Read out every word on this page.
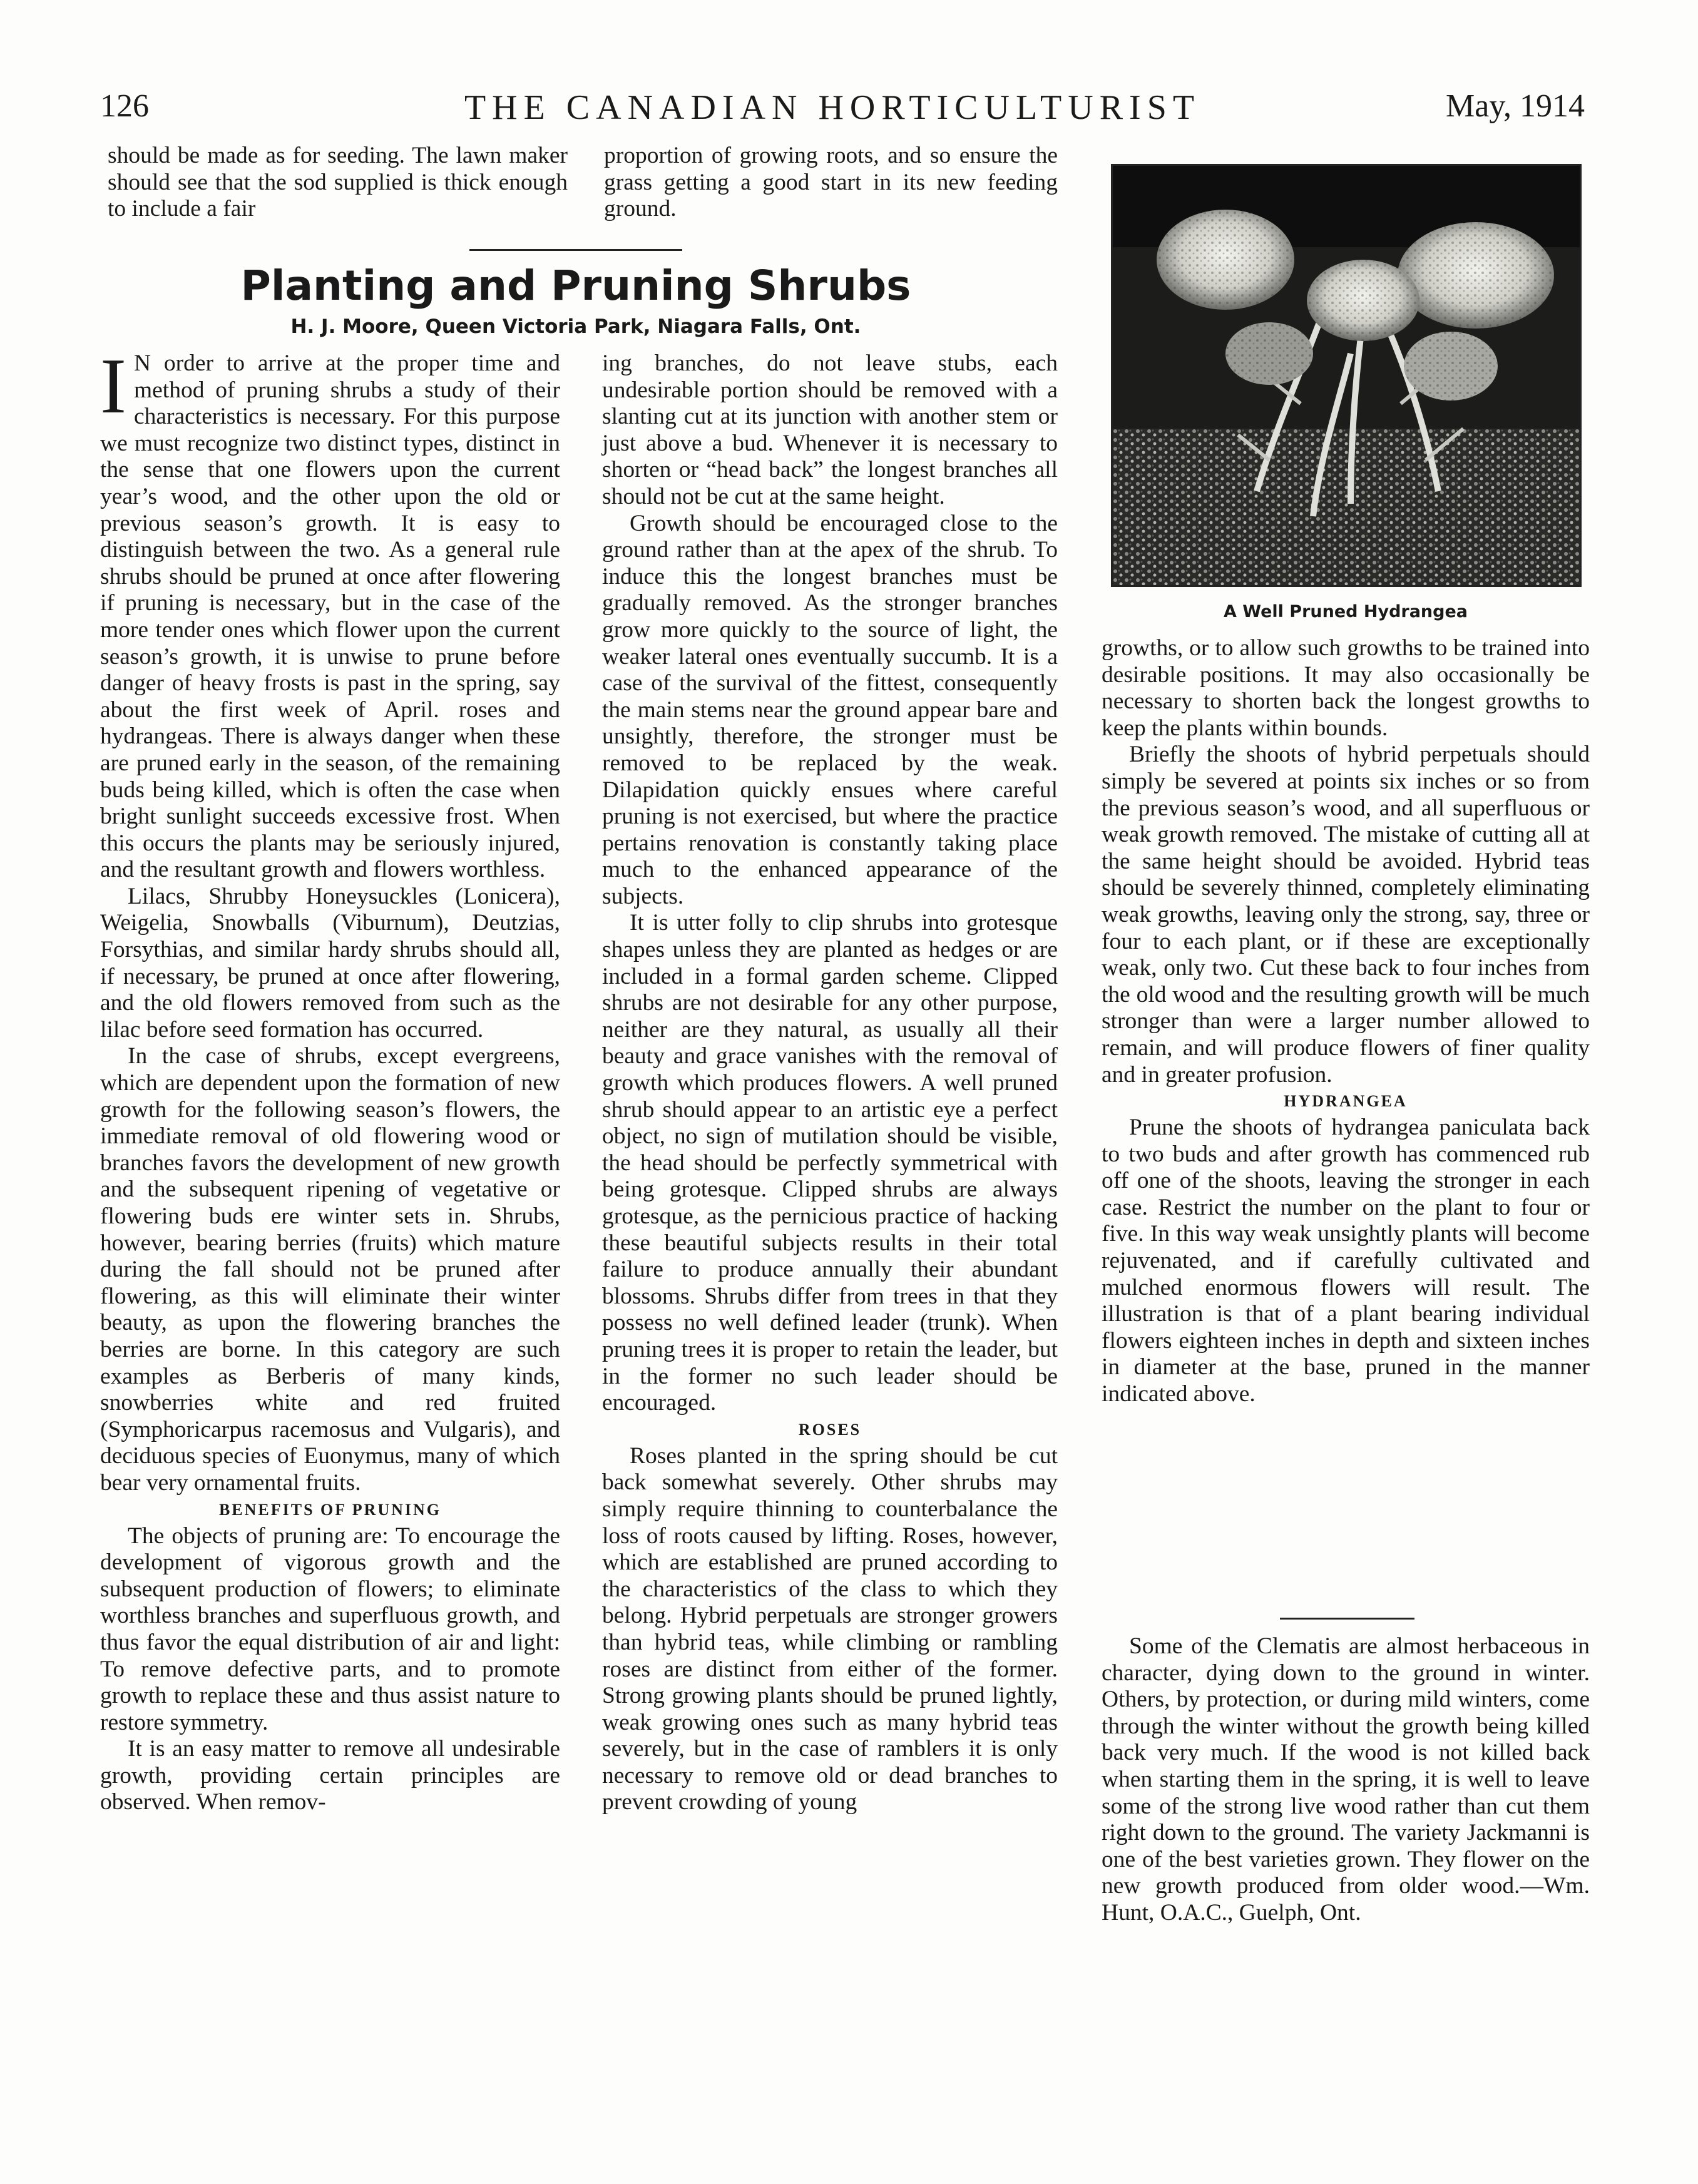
126	THE CANADIAN HORTICULTURIST	May, 1914

should be made as for seeding. The lawn maker should see that the sod supplied is thick enough to include a fair

proportion of growing roots, and so ensure the grass getting a good start in its new feeding ground.

Planting and Pruning Shrubs
H. J. Moore, Queen Victoria Park, Niagara Falls, Ont.

I N order to arrive at the proper time and method of pruning shrubs a study of their characteristics is necessary. For this purpose we must recognize two distinct types, distinct in the sense that one flowers upon the current year’s wood, and the other upon the old or previous season’s growth. It is easy to distinguish between the two. As a general rule shrubs should be pruned at once after flowering if pruning is necessary, but in the case of the more tender ones which flower upon the current season’s growth, it is unwise to prune before danger of heavy frosts is past in the spring, say about the first week of April. roses and hydrangeas. There is always danger when these are pruned early in the season, of the remaining buds being killed, which is often the case when bright sunlight succeeds excessive frost. When this occurs the plants may be seriously injured, and the resultant growth and flowers worthless.

Lilacs, Shrubby Honeysuckles (Lonicera), Weigelia, Snowballs (Viburnum), Deutzias, Forsythias, and similar hardy shrubs should all, if necessary, be pruned at once after flowering, and the old flowers removed from such as the lilac before seed formation has occurred.

In the case of shrubs, except evergreens, which are dependent upon the formation of new growth for the following season’s flowers, the immediate removal of old flowering wood or branches favors the development of new growth and the subsequent ripening of vegetative or flowering buds ere winter sets in. Shrubs, however, bearing berries (fruits) which mature during the fall should not be pruned after flowering, as this will eliminate their winter beauty, as upon the flowering branches the berries are borne. In this category are such examples as Berberis of many kinds, snowberries white and red fruited (Symphoricarpus racemosus and Vulgaris), and deciduous species of Euonymus, many of which bear very ornamental fruits.

BENEFITS OF PRUNING

The objects of pruning are: To encourage the development of vigorous growth and the subsequent production of flowers; to eliminate worthless branches and superfluous growth, and thus favor the equal distribution of air and light: To remove defective parts, and to promote growth to replace these and thus assist nature to restore symmetry.

It is an easy matter to remove all undesirable growth, providing certain principles are observed. When remov-

ing branches, do not leave stubs, each undesirable portion should be removed with a slanting cut at its junction with another stem or just above a bud. Whenever it is necessary to shorten or “head back” the longest branches all should not be cut at the same height.

Growth should be encouraged close to the ground rather than at the apex of the shrub. To induce this the longest branches must be gradually removed. As the stronger branches grow more quickly to the source of light, the weaker lateral ones eventually succumb. It is a case of the survival of the fittest, consequently the main stems near the ground appear bare and unsightly, therefore, the stronger must be removed to be replaced by the weak. Dilapidation quickly ensues where careful pruning is not exercised, but where the practice pertains renovation is constantly taking place much to the enhanced appearance of the subjects.

It is utter folly to clip shrubs into grotesque shapes unless they are planted as hedges or are included in a formal garden scheme. Clipped shrubs are not desirable for any other purpose, neither are they natural, as usually all their beauty and grace vanishes with the removal of growth which produces flowers. A well pruned shrub should appear to an artistic eye a perfect object, no sign of mutilation should be visible, the head should be perfectly symmetrical with being grotesque. Clipped shrubs are always grotesque, as the pernicious practice of hacking these beautiful subjects results in their total failure to produce annually their abundant blossoms. Shrubs differ from trees in that they possess no well defined leader (trunk). When pruning trees it is proper to retain the leader, but in the former no such leader should be encouraged.

ROSES

Roses planted in the spring should be cut back somewhat severely. Other shrubs may simply require thinning to counterbalance the loss of roots caused by lifting. Roses, however, which are established are pruned according to the characteristics of the class to which they belong. Hybrid perpetuals are stronger growers than hybrid teas, while climbing or rambling roses are distinct from either of the former. Strong growing plants should be pruned lightly, weak growing ones such as many hybrid teas severely, but in the case of ramblers it is only necessary to remove old or dead branches to prevent crowding of young

A Well Pruned Hydrangea

growths, or to allow such growths to be trained into desirable positions. It may also occasionally be necessary to shorten back the longest growths to keep the plants within bounds.

Briefly the shoots of hybrid perpetuals should simply be severed at points six inches or so from the previous season’s wood, and all superfluous or weak growth removed. The mistake of cutting all at the same height should be avoided. Hybrid teas should be severely thinned, completely eliminating weak growths, leaving only the strong, say, three or four to each plant, or if these are exceptionally weak, only two. Cut these back to four inches from the old wood and the resulting growth will be much stronger than were a larger number allowed to remain, and will produce flowers of finer quality and in greater profusion.

HYDRANGEA

Prune the shoots of hydrangea paniculata back to two buds and after growth has commenced rub off one of the shoots, leaving the stronger in each case. Restrict the number on the plant to four or five. In this way weak unsightly plants will become rejuvenated, and if carefully cultivated and mulched enormous flowers will result. The illustration is that of a plant bearing individual flowers eighteen inches in depth and sixteen inches in diameter at the base, pruned in the manner indicated above.

Some of the Clematis are almost herbaceous in character, dying down to the ground in winter. Others, by protection, or during mild winters, come through the winter without the growth being killed back very much. If the wood is not killed back when starting them in the spring, it is well to leave some of the strong live wood rather than cut them right down to the ground. The variety Jackmanni is one of the best varieties grown. They flower on the new growth produced from older wood.—Wm. Hunt, O.A.C., Guelph, Ont.
